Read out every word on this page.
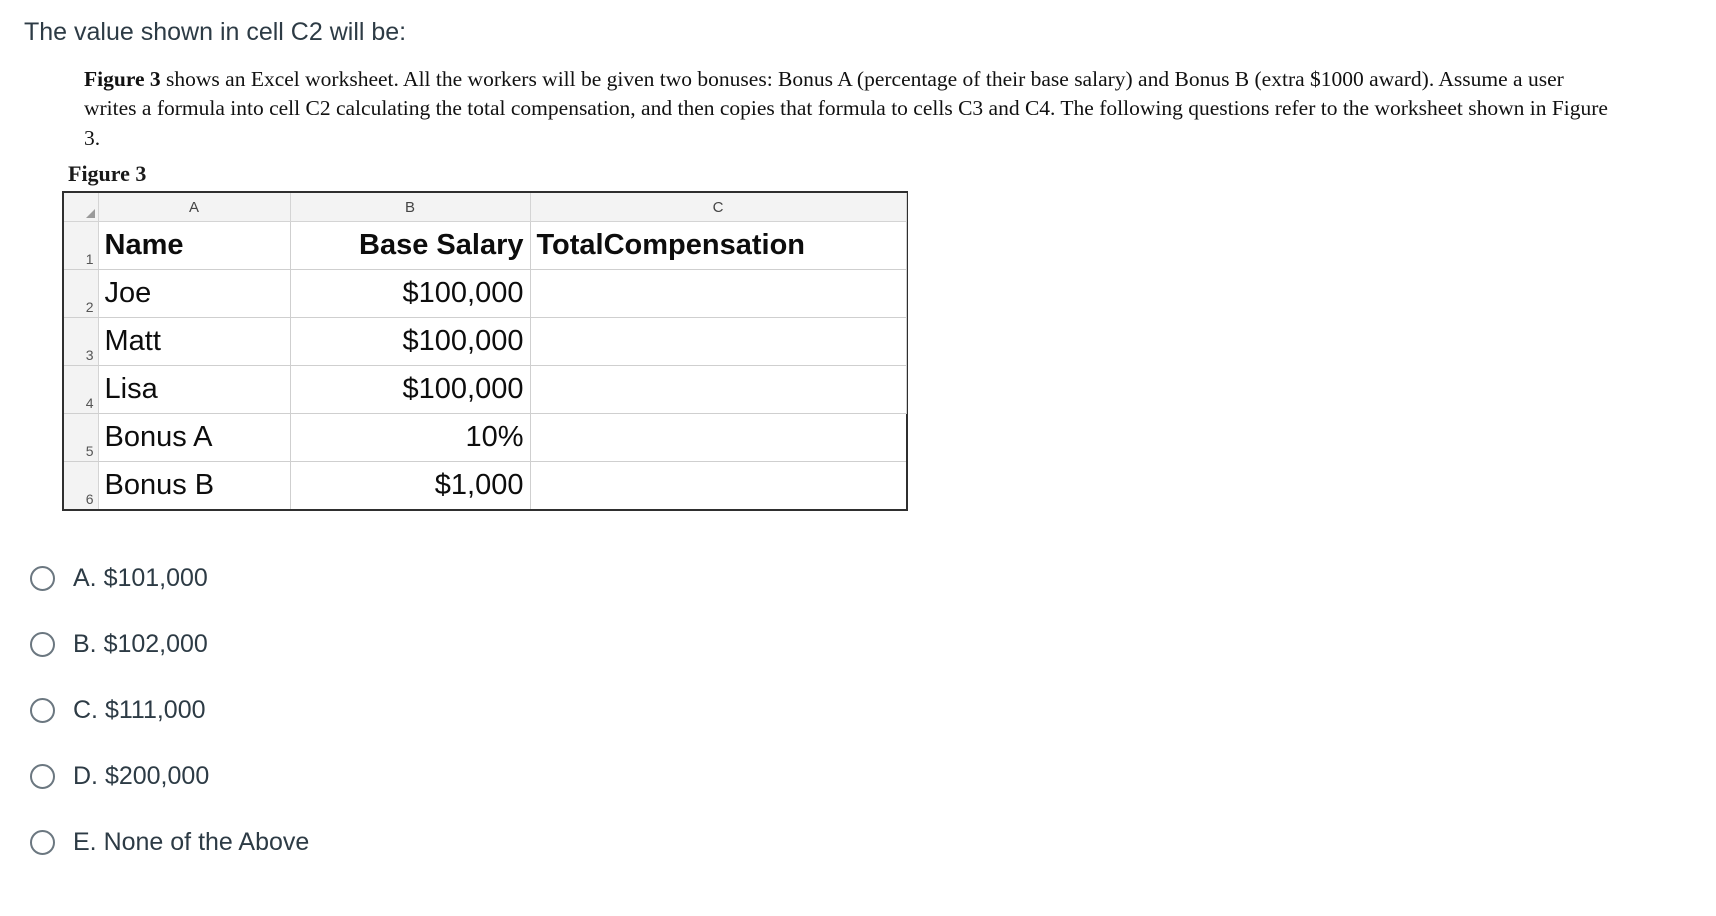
The value shown in cell C2 will be:

Figure 3 shows an Excel worksheet. All the workers will be given two bonuses: Bonus A (percentage of their base salary) and Bonus B (extra $1000 award). Assume a user writes a formula into cell C2 calculating the total compensation, and then copies that formula to cells C3 and C4. The following questions refer to the worksheet shown in Figure 3.

Figure 3
	A	B	C
1	Name	Base Salary	TotalCompensation
2	Joe	$100,000	
3	Matt	$100,000	
4	Lisa	$100,000	
5	Bonus A	10%	
6	Bonus B	$1,000	
A. $101,000
B. $102,000
C. $111,000
D. $200,000
E. None of the Above
